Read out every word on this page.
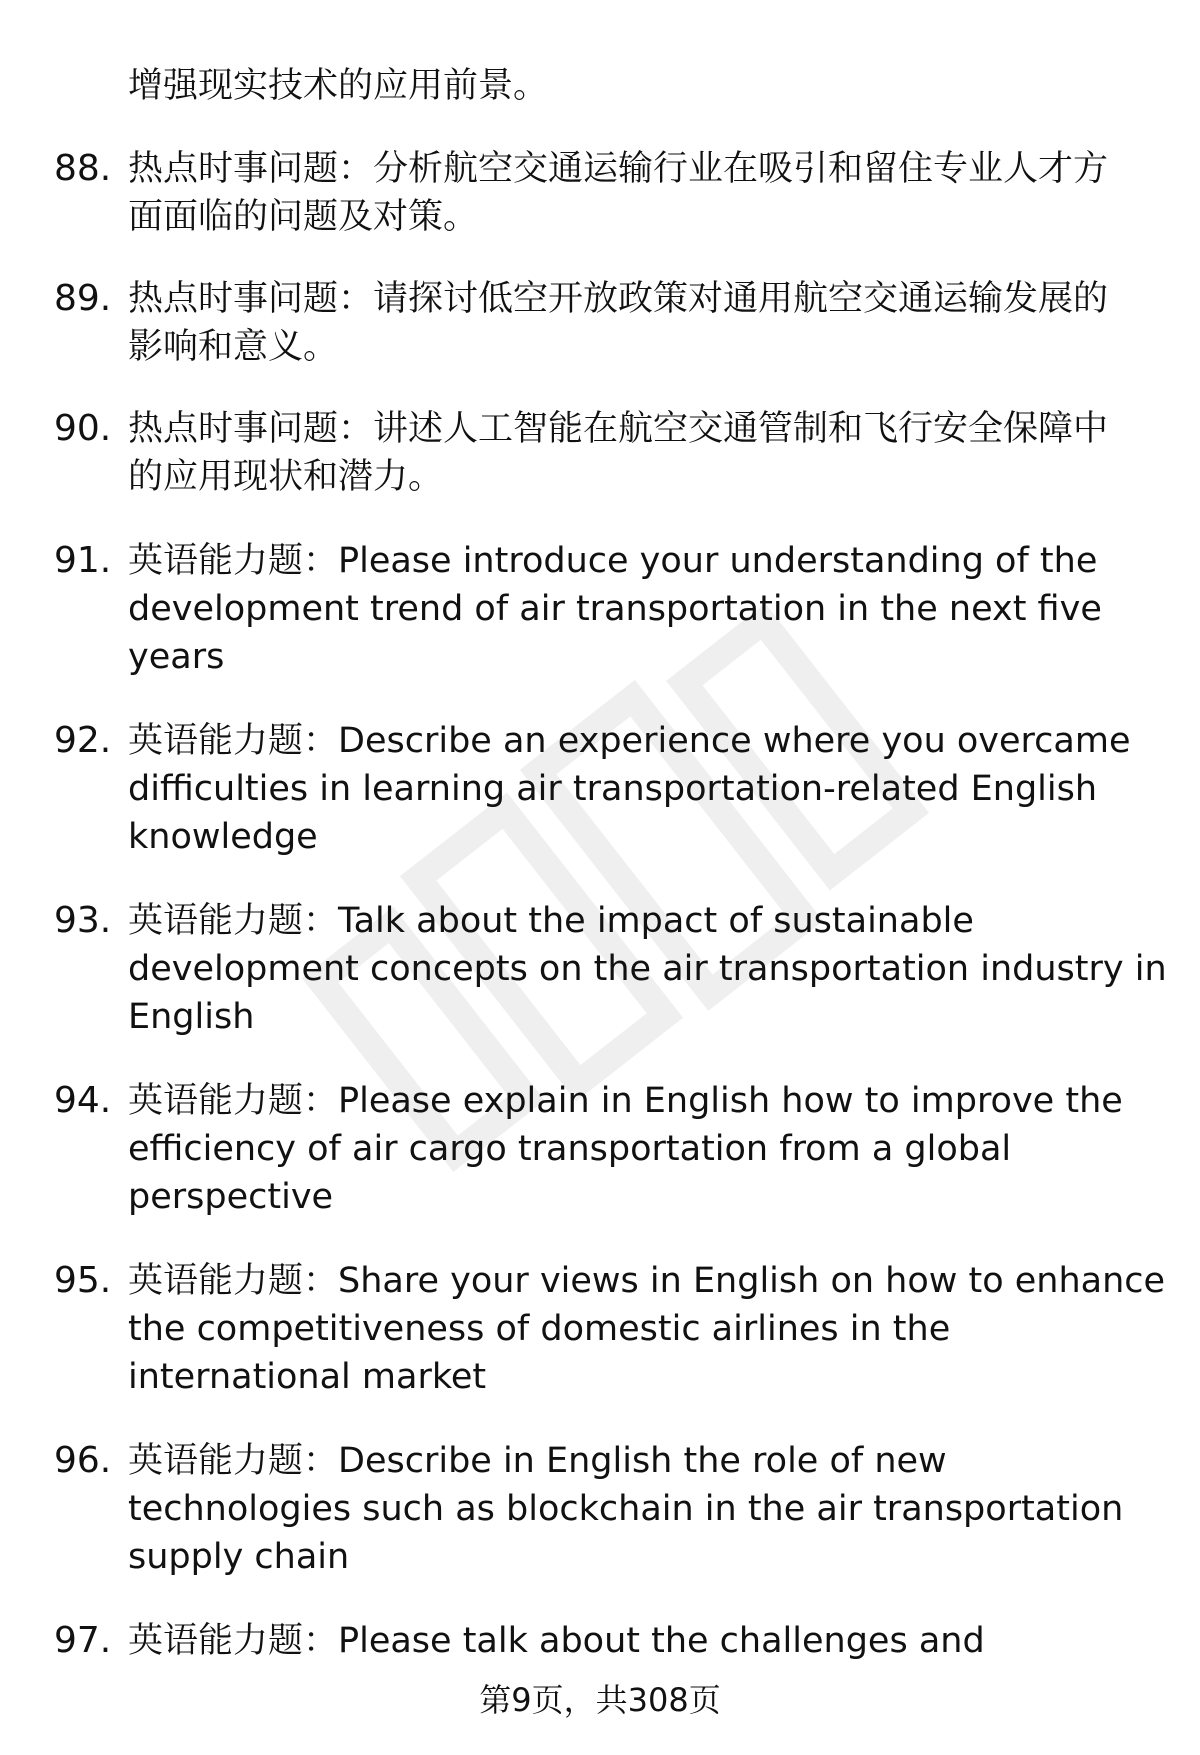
增强现实技术的应用前景。
88. 热点时事问题：分析航空交通运输行业在吸引和留住专业人才方
面面临的问题及对策。
89. 热点时事问题：请探讨低空开放政策对通用航空交通运输发展的
影响和意义。
90. 热点时事问题：讲述人工智能在航空交通管制和飞行安全保障中
的应用现状和潜力。
91. 英语能力题：Please introduce your understanding of the
development trend of air transportation in the next five
years
92. 英语能力题：Describe an experience where you overcame
difficulties in learning air transportation-related English
knowledge
93. 英语能力题：Talk about the impact of sustainable
development concepts on the air transportation industry in
English
94. 英语能力题：Please explain in English how to improve the
efficiency of air cargo transportation from a global
perspective
95. 英语能力题：Share your views in English on how to enhance
the competitiveness of domestic airlines in the
international market
96. 英语能力题：Describe in English the role of new
technologies such as blockchain in the air transportation
supply chain
97. 英语能力题：Please talk about the challenges and
第9页，共308页
